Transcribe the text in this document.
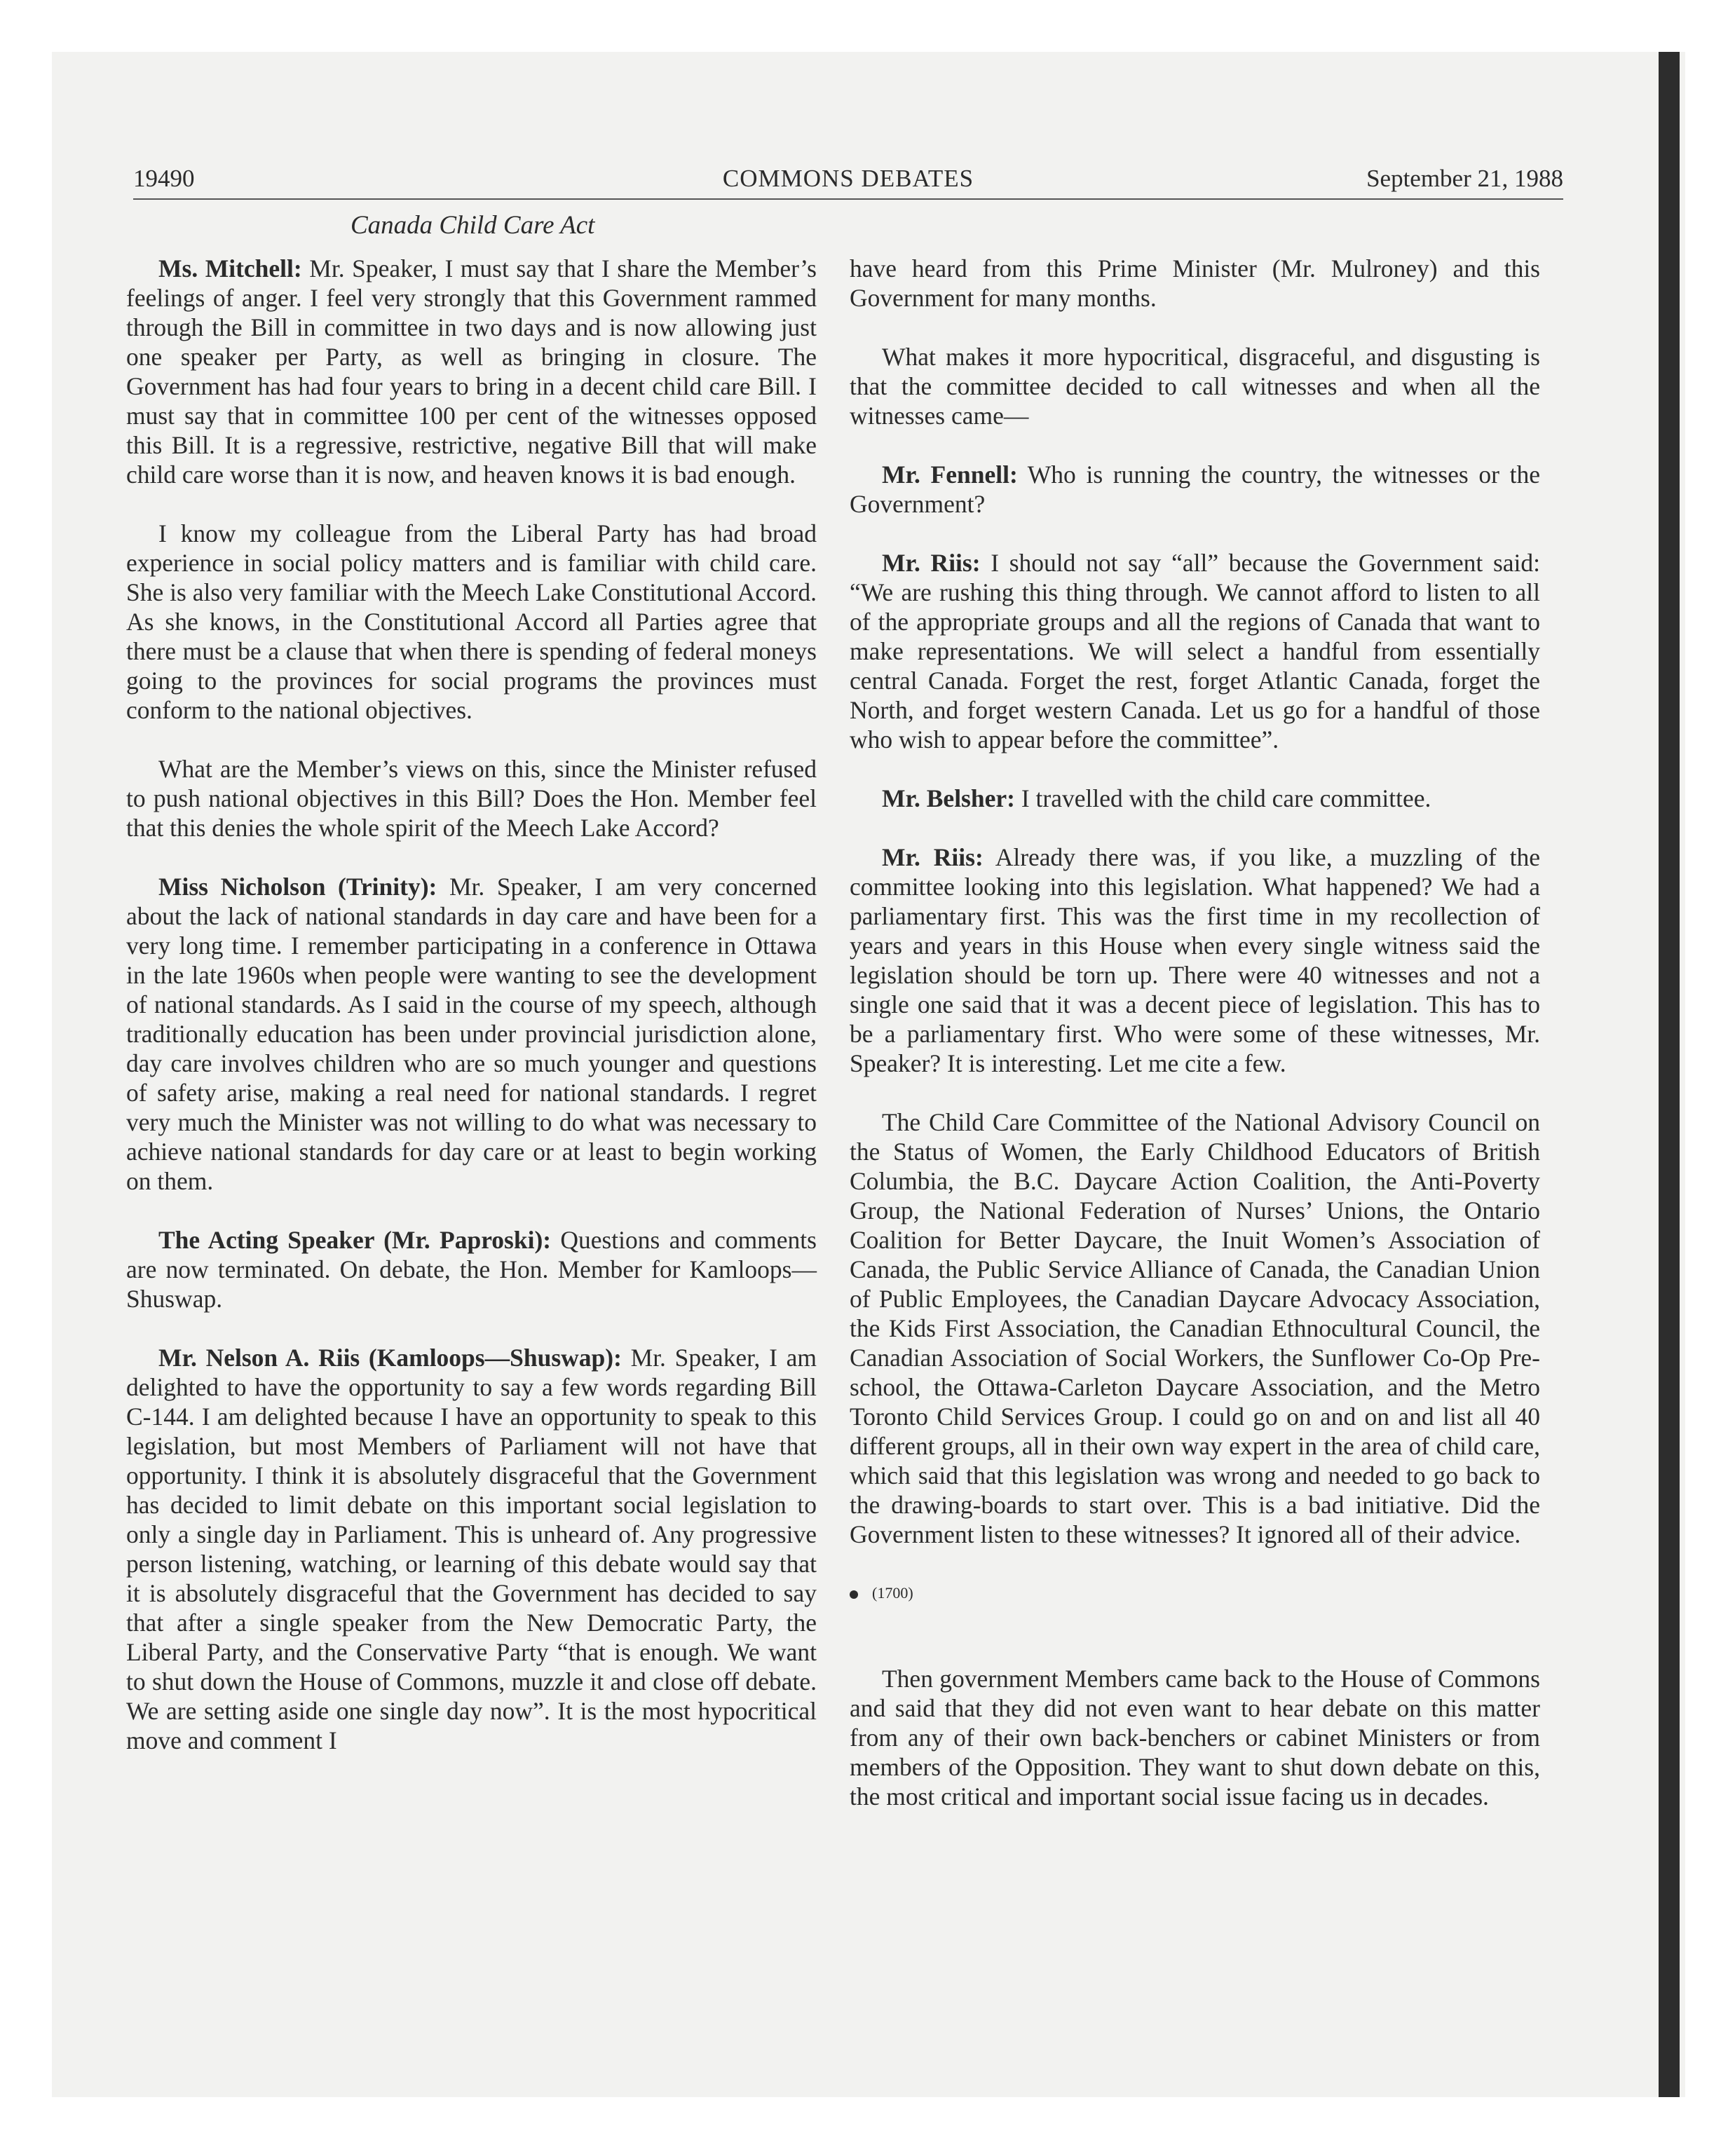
19490	COMMONS DEBATES	September 21, 1988
Canada Child Care Act

Ms. Mitchell: Mr. Speaker, I must say that I share the Member’s feelings of anger. I feel very strongly that this Government rammed through the Bill in committee in two days and is now allowing just one speaker per Party, as well as bringing in closure. The Government has had four years to bring in a decent child care Bill. I must say that in committee 100 per cent of the witnesses opposed this Bill. It is a regressive, restrictive, negative Bill that will make child care worse than it is now, and heaven knows it is bad enough.

I know my colleague from the Liberal Party has had broad experience in social policy matters and is familiar with child care. She is also very familiar with the Meech Lake Constitutional Accord. As she knows, in the Constitutional Accord all Parties agree that there must be a clause that when there is spending of federal moneys going to the provinces for social programs the provinces must conform to the national objectives.

What are the Member’s views on this, since the Minister refused to push national objectives in this Bill? Does the Hon. Member feel that this denies the whole spirit of the Meech Lake Accord?

Miss Nicholson (Trinity): Mr. Speaker, I am very concerned about the lack of national standards in day care and have been for a very long time. I remember participating in a conference in Ottawa in the late 1960s when people were wanting to see the development of national standards. As I said in the course of my speech, although traditionally education has been under provincial jurisdiction alone, day care involves children who are so much younger and questions of safety arise, making a real need for national standards. I regret very much the Minister was not willing to do what was necessary to achieve national standards for day care or at least to begin working on them.

The Acting Speaker (Mr. Paproski): Questions and comments are now terminated. On debate, the Hon. Member for Kamloops—Shuswap.

Mr. Nelson A. Riis (Kamloops—Shuswap): Mr. Speaker, I am delighted to have the opportunity to say a few words regarding Bill C-144. I am delighted because I have an opportunity to speak to this legislation, but most Members of Parliament will not have that opportunity. I think it is absolutely disgraceful that the Government has decided to limit debate on this important social legislation to only a single day in Parliament. This is unheard of. Any progressive person listening, watching, or learning of this debate would say that it is absolutely disgraceful that the Government has decided to say that after a single speaker from the New Democratic Party, the Liberal Party, and the Conservative Party “that is enough. We want to shut down the House of Commons, muzzle it and close off debate. We are setting aside one single day now”. It is the most hypocritical move and comment I

have heard from this Prime Minister (Mr. Mulroney) and this Government for many months.

What makes it more hypocritical, disgraceful, and disgusting is that the committee decided to call witnesses and when all the witnesses came—

Mr. Fennell: Who is running the country, the witnesses or the Government?

Mr. Riis: I should not say “all” because the Government said: “We are rushing this thing through. We cannot afford to listen to all of the appropriate groups and all the regions of Canada that want to make representations. We will select a handful from essentially central Canada. Forget the rest, forget Atlantic Canada, forget the North, and forget western Canada. Let us go for a handful of those who wish to appear before the committee”.

Mr. Belsher: I travelled with the child care committee.

Mr. Riis: Already there was, if you like, a muzzling of the committee looking into this legislation. What happened? We had a parliamentary first. This was the first time in my recollection of years and years in this House when every single witness said the legislation should be torn up. There were 40 witnesses and not a single one said that it was a decent piece of legislation. This has to be a parliamentary first. Who were some of these witnesses, Mr. Speaker? It is interesting. Let me cite a few.

The Child Care Committee of the National Advisory Council on the Status of Women, the Early Childhood Educators of British Columbia, the B.C. Daycare Action Coalition, the Anti-Poverty Group, the National Federation of Nurses’ Unions, the Ontario Coalition for Better Daycare, the Inuit Women’s Association of Canada, the Public Service Alliance of Canada, the Canadian Union of Public Employees, the Canadian Daycare Advocacy Association, the Kids First Association, the Canadian Ethnocultural Council, the Canadian Association of Social Workers, the Sunflower Co-Op Pre-school, the Ottawa-Carleton Daycare Association, and the Metro Toronto Child Services Group. I could go on and on and list all 40 different groups, all in their own way expert in the area of child care, which said that this legislation was wrong and needed to go back to the drawing-boards to start over. This is a bad initiative. Did the Government listen to these witnesses? It ignored all of their advice.

(1700)

Then government Members came back to the House of Commons and said that they did not even want to hear debate on this matter from any of their own back-benchers or cabinet Ministers or from members of the Opposition. They want to shut down debate on this, the most critical and important social issue facing us in decades.
